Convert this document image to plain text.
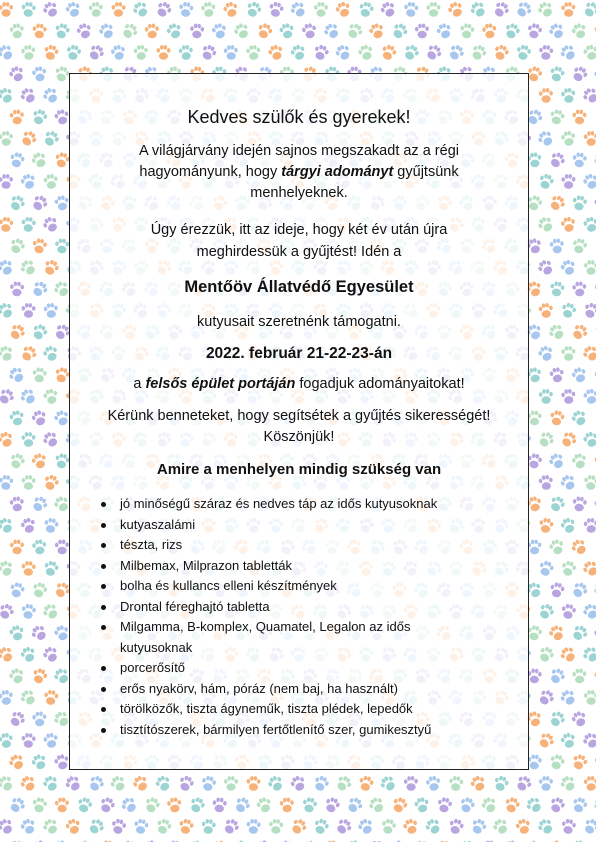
Kedves szülők és gyerekek!

A világjárvány idején sajnos megszakadt az a régi

hagyományunk, hogy tárgyi adományt gyűjtsünk

menhelyeknek.

Úgy érezzük, itt az ideje, hogy két év után újra

meghirdessük a gyűjtést! Idén a

Mentőöv Állatvédő Egyesület

kutyusait szeretnénk támogatni.

2022. február 21-22-23-án

a felsős épület portáján fogadjuk adományaitokat!

Kérünk benneteket, hogy segítsétek a gyűjtés sikerességét!

Köszönjük!

Amire a menhelyen mindig szükség van

jó minőségű száraz és nedves táp az idős kutyusoknak
kutyaszalámi
tészta, rizs
Milbemax, Milprazon tabletták
bolha és kullancs elleni készítmények
Drontal féreghajtó tabletta
Milgamma, B-komplex, Quamatel, Legalon az idős kutyusoknak
porcerősítő
erős nyakörv, hám, póráz (nem baj, ha használt)
törölközők, tiszta ágyneműk, tiszta plédek, lepedők
tisztítószerek, bármilyen fertőtlenítő szer, gumikesztyű
